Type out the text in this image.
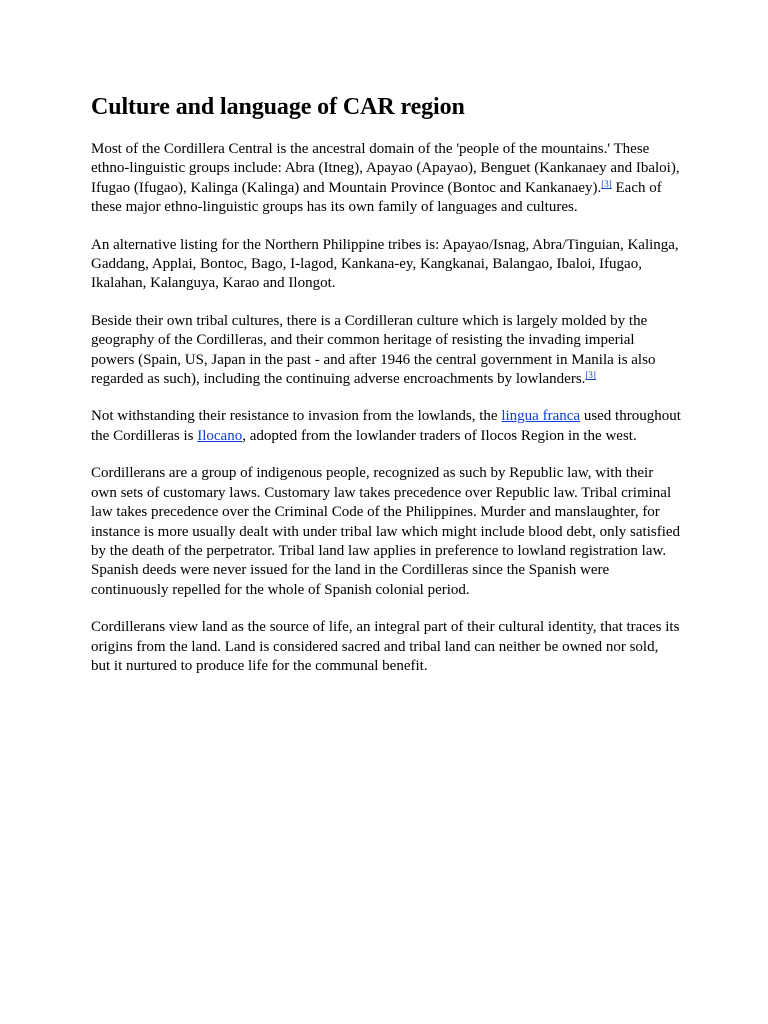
Culture and language of CAR region

Most of the Cordillera Central is the ancestral domain of the 'people of the mountains.' These ethno-linguistic groups include: Abra (Itneg), Apayao (Apayao), Benguet (Kankanaey and Ibaloi), Ifugao (Ifugao), Kalinga (Kalinga) and Mountain Province (Bontoc and Kankanaey).[3] Each of these major ethno-linguistic groups has its own family of languages and cultures.

An alternative listing for the Northern Philippine tribes is: Apayao/Isnag, Abra/Tinguian, Kalinga, Gaddang, Applai, Bontoc, Bago, I-lagod, Kankana-ey, Kangkanai, Balangao, Ibaloi, Ifugao, Ikalahan, Kalanguya, Karao and Ilongot.

Beside their own tribal cultures, there is a Cordilleran culture which is largely molded by the geography of the Cordilleras, and their common heritage of resisting the invading imperial powers (Spain, US, Japan in the past - and after 1946 the central government in Manila is also regarded as such), including the continuing adverse encroachments by lowlanders.[3]

Not withstanding their resistance to invasion from the lowlands, the lingua franca used throughout the Cordilleras is Ilocano, adopted from the lowlander traders of Ilocos Region in the west.

Cordillerans are a group of indigenous people, recognized as such by Republic law, with their own sets of customary laws. Customary law takes precedence over Republic law. Tribal criminal law takes precedence over the Criminal Code of the Philippines. Murder and manslaughter, for instance is more usually dealt with under tribal law which might include blood debt, only satisfied by the death of the perpetrator. Tribal land law applies in preference to lowland registration law. Spanish deeds were never issued for the land in the Cordilleras since the Spanish were continuously repelled for the whole of Spanish colonial period.

Cordillerans view land as the source of life, an integral part of their cultural identity, that traces its origins from the land. Land is considered sacred and tribal land can neither be owned nor sold, but it nurtured to produce life for the communal benefit.
